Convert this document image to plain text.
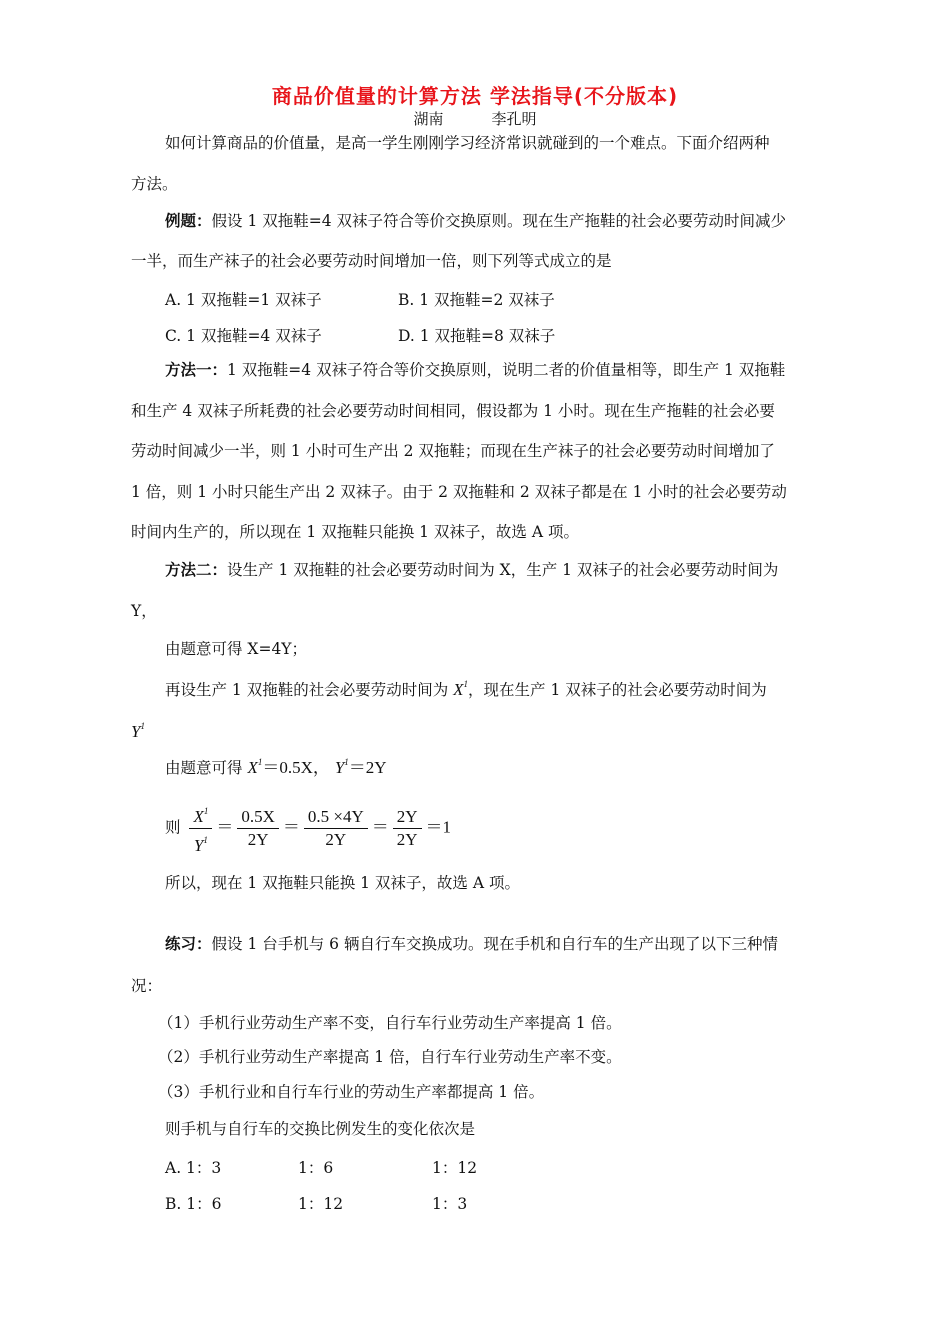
商品价值量的计算方法 学法指导(不分版本)
湖南	李孔明
如何计算商品的价值量，是高一学生刚刚学习经济常识就碰到的一个难点。下面介绍两种
方法。
例题：假设 1 双拖鞋=4 双袜子符合等价交换原则。现在生产拖鞋的社会必要劳动时间减少
一半，而生产袜子的社会必要劳动时间增加一倍，则下列等式成立的是
A. 1 双拖鞋=1 双袜子	B. 1 双拖鞋=2 双袜子
C. 1 双拖鞋=4 双袜子	D. 1 双拖鞋=8 双袜子
方法一：1 双拖鞋=4 双袜子符合等价交换原则，说明二者的价值量相等，即生产 1 双拖鞋
和生产 4 双袜子所耗费的社会必要劳动时间相同，假设都为 1 小时。现在生产拖鞋的社会必要
劳动时间减少一半，则 1 小时可生产出 2 双拖鞋；而现在生产袜子的社会必要劳动时间增加了
1 倍，则 1 小时只能生产出 2 双袜子。由于 2 双拖鞋和 2 双袜子都是在 1 小时的社会必要劳动
时间内生产的，所以现在 1 双拖鞋只能换 1 双袜子，故选 A 项。
方法二：设生产 1 双拖鞋的社会必要劳动时间为 X，生产 1 双袜子的社会必要劳动时间为
Y，
由题意可得 X=4Y；
再设生产 1 双拖鞋的社会必要劳动时间为 $X^1$，现在生产 1 双袜子的社会必要劳动时间为
$Y^1$
由题意可得 $X^1=0.5X$， $Y^1=2Y$
则 $\frac{X^1}{Y^1} = \frac{0.5X}{2Y} = \frac{0.5 \times 4Y}{2Y} = \frac{2Y}{2Y} =1$
所以，现在 1 双拖鞋只能换 1 双袜子，故选 A 项。
练习：假设 1 台手机与 6 辆自行车交换成功。现在手机和自行车的生产出现了以下三种情
况：
（1）手机行业劳动生产率不变，自行车行业劳动生产率提高 1 倍。
（2）手机行业劳动生产率提高 1 倍，自行车行业劳动生产率不变。
（3）手机行业和自行车行业的劳动生产率都提高 1 倍。
则手机与自行车的交换比例发生的变化依次是
A. 1：3	1：6	1：12
B. 1：6	1：12	1：3
